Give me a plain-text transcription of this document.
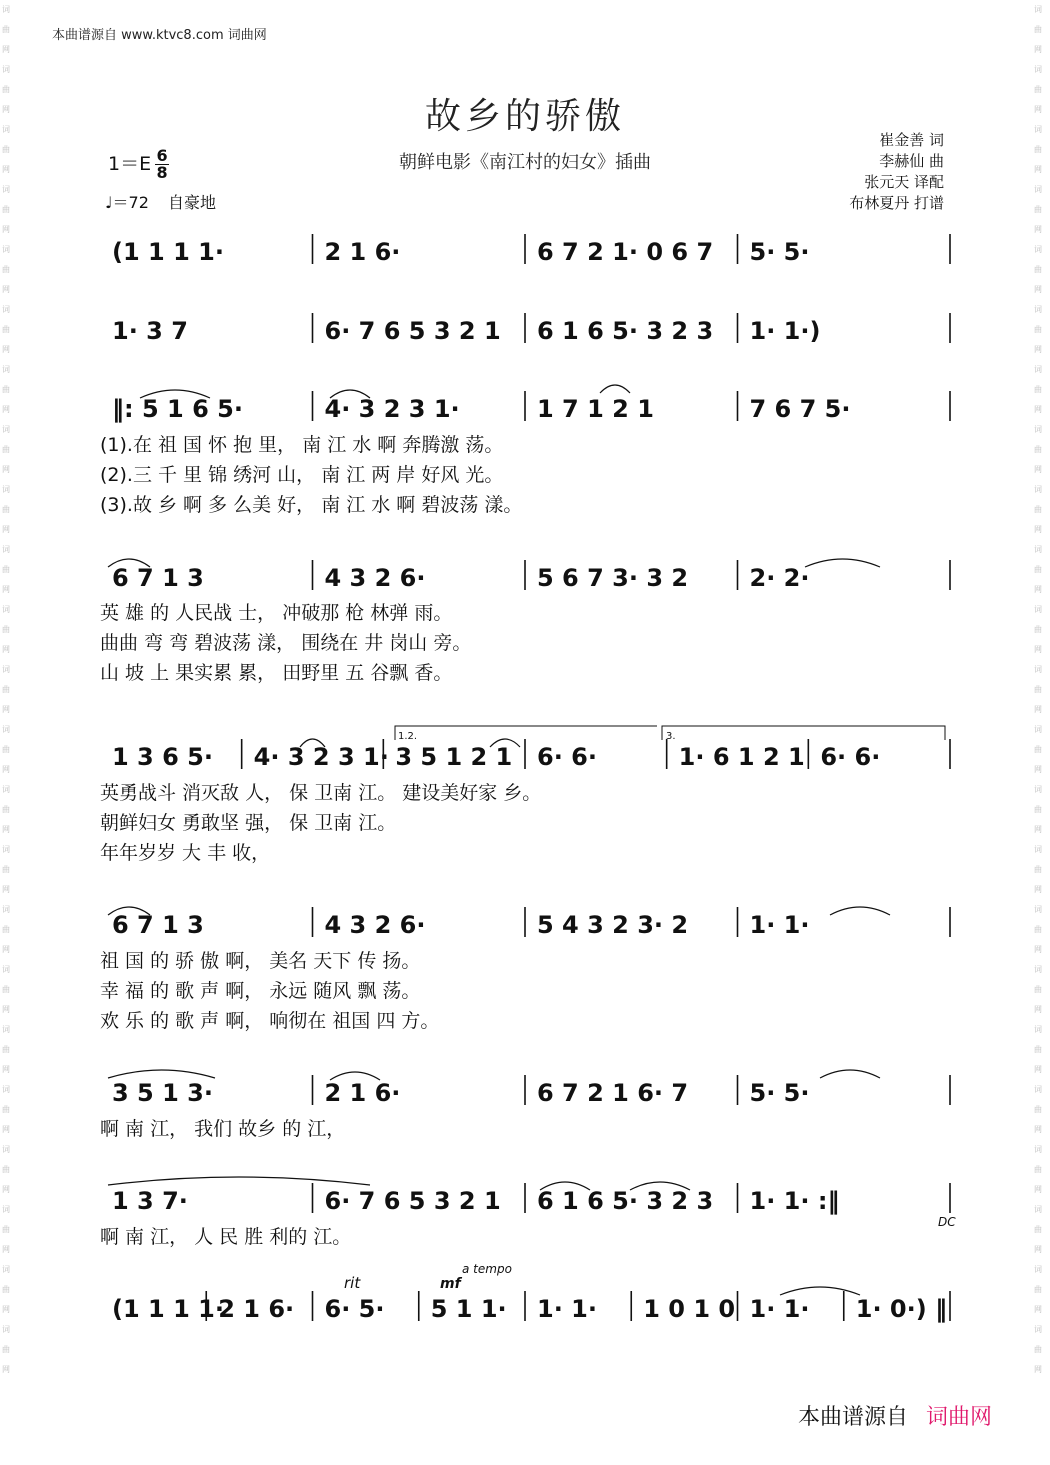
词曲网词曲网词曲网词曲网词曲网词曲网词曲网词曲网词曲网词曲网词曲网词曲网词曲网词曲网词曲网词曲网词曲网词曲网词曲网词曲网词曲网词曲网词曲网
词曲网词曲网词曲网词曲网词曲网词曲网词曲网词曲网词曲网词曲网词曲网词曲网词曲网词曲网词曲网词曲网词曲网词曲网词曲网词曲网词曲网词曲网词曲网
本曲谱源自 www.ktvc8.com 词曲网
故乡的骄傲
朝鲜电影《南江村的妇女》插曲
$1=E \frac{6}{8}$
♩＝72 自豪地
崔金善 词
李赫仙 曲
张元天 译配
布林夏丹 打谱
(1 1 1 1·	2 1 6·	6 7 2 1· 0 6 7 5· 5·
1· 3 7	6· 7 6 5 3 2 1 6 1 6 5· 3 2 3 1· 1·)
‖: 5 1 6 5·	4· 3 2 3 1·	1 7 1 2 1	7 6 7 5·
(1).在 祖 国 怀 抱 里， 南 江 水 啊 奔腾激 荡。
(2).三 千 里 锦 绣河 山， 南 江 两 岸 好风 光。
(3).故 乡 啊 多 么美 好， 南 江 水 啊 碧波荡 漾。
6 7 1 3	4 3 2 6·	5 6 7 3· 3 2	2· 2·
英 雄 的 人民战 士， 冲破那 枪 林弹 雨。
曲曲 弯 弯 碧波荡 漾， 围绕在 井 岗山 旁。
山 坡 上 果实累 累， 田野里 五 谷飘 香。
1 3 6 5· 4· 3 2 3 1· 3 5 1 2 1 6· 6·	1· 6 1 2 1 6· 6·
英勇战斗 消灭敌 人， 保 卫南 江。 建设美好家 乡。
朝鲜妇女 勇敢坚 强， 保 卫南 江。
年年岁岁 大 丰 收，
6 7 1 3	4 3 2 6·	5 4 3 2 3· 2	1· 1·
祖 国 的 骄 傲 啊， 美名 天下 传 扬。
幸 福 的 歌 声 啊， 永远 随风 飘 荡。
欢 乐 的 歌 声 啊， 响彻在 祖国 四 方。
3 5 1 3·	2 1 6·	6 7 2 1 6· 7	5· 5·
啊 南 江， 我们 故乡 的 江，
1 3 7·	6· 7 6 5 3 2 1 6 1 6 5· 3 2 3 1· 1· :‖
啊 南 江， 人 民 胜 利的 江。
(1 1 1 1·
2 1 6· 6· 5· 5 1 1· 1· 1· 1 0 1 0 1· 1· 1· 0·) ‖
1.2.	3.
DC
rit	mf
a tempo
本曲谱源自 词曲网
